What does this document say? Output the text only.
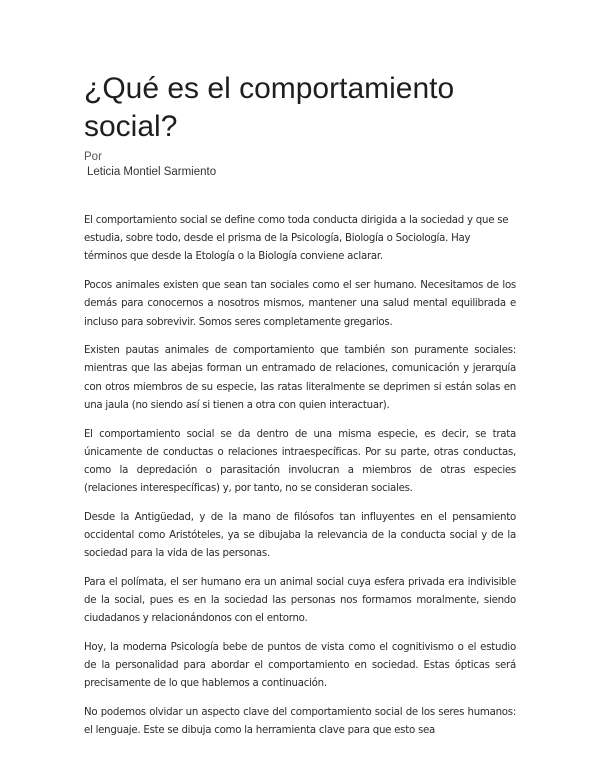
¿Qué es el comportamiento social?

Por

Leticia Montiel Sarmiento

El comportamiento social se define como toda conducta dirigida a la sociedad y que se estudia, sobre todo, desde el prisma de la Psicología, Biología o Sociología. Hay términos que desde la Etología o la Biología conviene aclarar.

Pocos animales existen que sean tan sociales como el ser humano. Necesitamos de los demás para conocernos a nosotros mismos, mantener una salud mental equilibrada e incluso para sobrevivir. Somos seres completamente gregarios.

Existen pautas animales de comportamiento que también son puramente sociales: mientras que las abejas forman un entramado de relaciones, comunicación y jerarquía con otros miembros de su especie, las ratas literalmente se deprimen si están solas en una jaula (no siendo así si tienen a otra con quien interactuar).

El comportamiento social se da dentro de una misma especie, es decir, se trata únicamente de conductas o relaciones intraespecíficas. Por su parte, otras conductas, como la depredación o parasitación involucran a miembros de otras especies (relaciones interespecíficas) y, por tanto, no se consideran sociales.

Desde la Antigüedad, y de la mano de filósofos tan influyentes en el pensamiento occidental como Aristóteles, ya se dibujaba la relevancia de la conducta social y de la sociedad para la vida de las personas.

Para el polímata, el ser humano era un animal social cuya esfera privada era indivisible de la social, pues es en la sociedad las personas nos formamos moralmente, siendo ciudadanos y relacionándonos con el entorno.

Hoy, la moderna Psicología bebe de puntos de vista como el cognitivismo o el estudio de la personalidad para abordar el comportamiento en sociedad. Estas ópticas será precisamente de lo que hablemos a continuación.

No podemos olvidar un aspecto clave del comportamiento social de los seres humanos: el lenguaje. Este se dibuja como la herramienta clave para que esto sea
